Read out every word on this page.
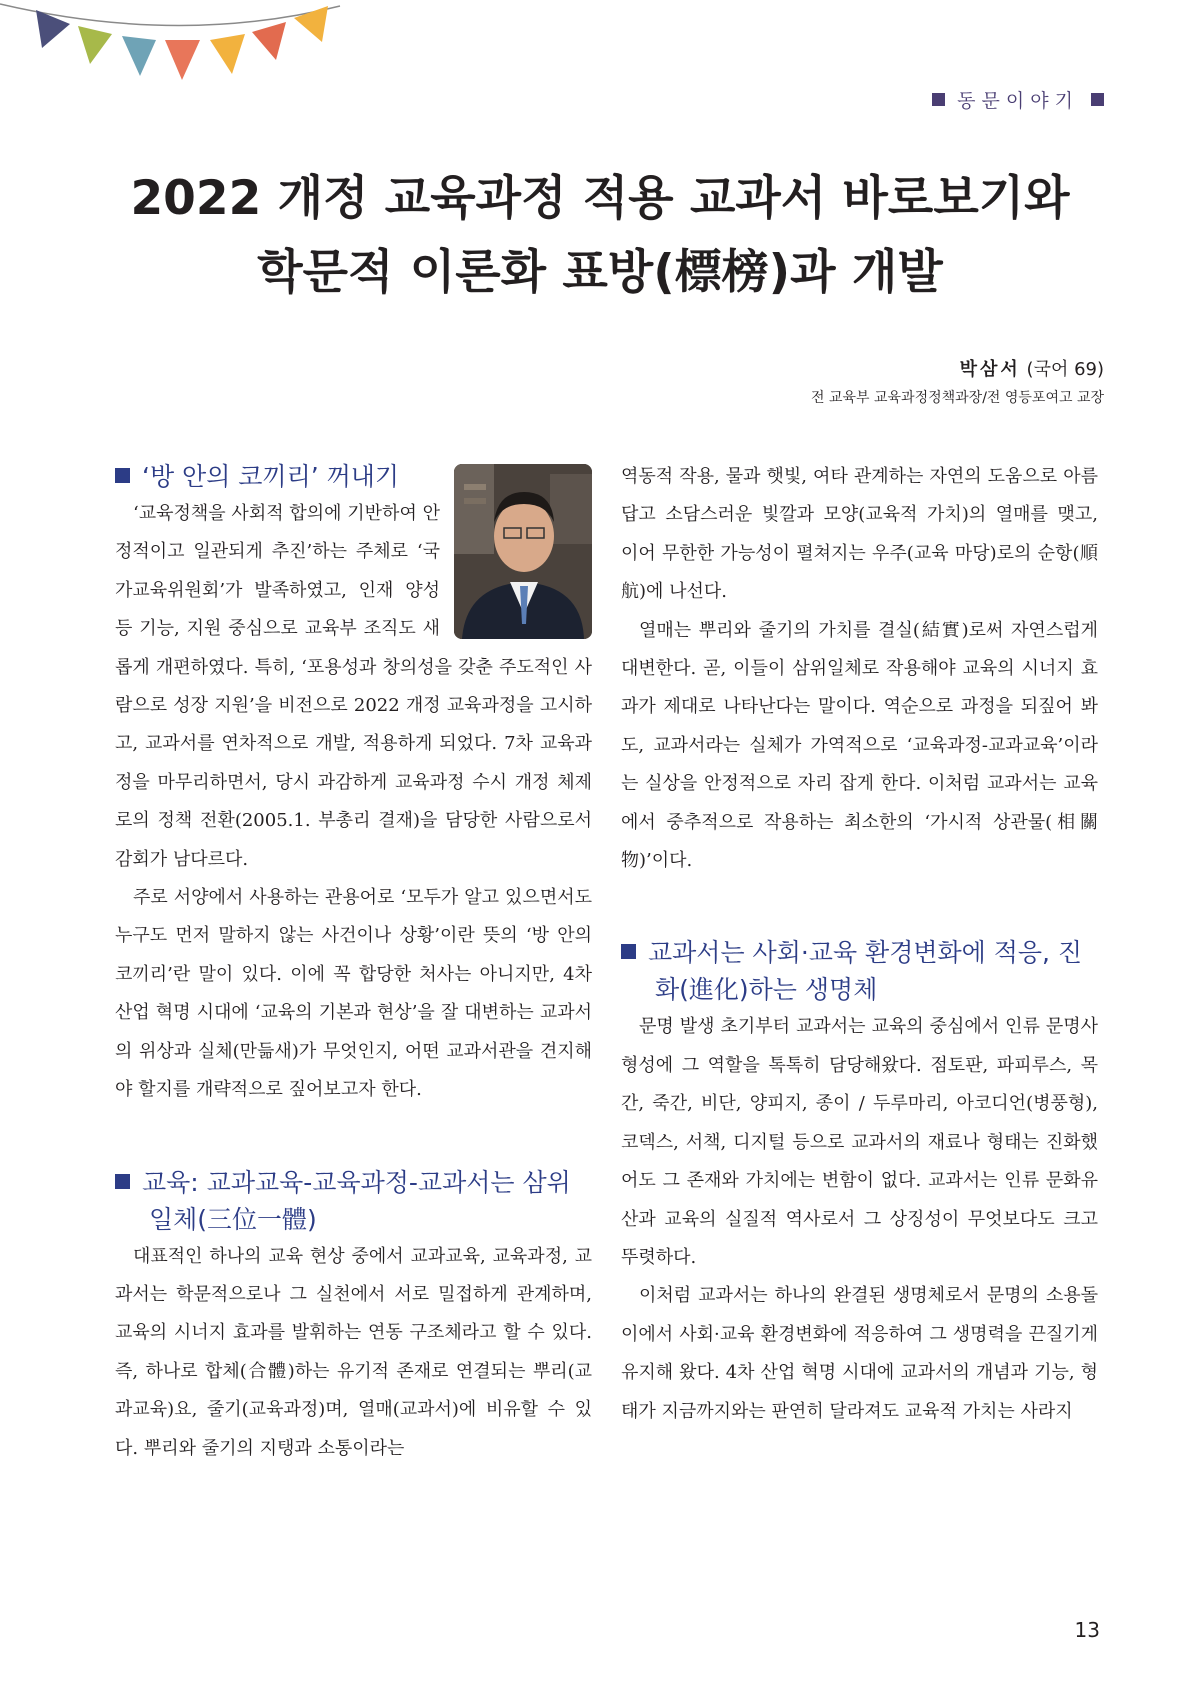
동문이야기
2022 개정 교육과정 적용 교과서 바로보기와
학문적 이론화 표방(標榜)과 개발
박삼서 (국어 69)
전 교육부 교육과정정책과장/전 영등포여고 교장
‘방 안의 코끼리’ 꺼내기

‘교육정책을 사회적 합의에 기반하여 안정적이고 일관되게 추진’하는 주체로 ‘국가교육위원회’가 발족하였고, 인재 양성 등 기능, 지원 중심으로 교육부 조직도 새롭게 개편하였다. 특히, ‘포용성과 창의성을 갖춘 주도적인 사람으로 성장 지원’을 비전으로 2022 개정 교육과정을 고시하고, 교과서를 연차적으로 개발, 적용하게 되었다. 7차 교육과정을 마무리하면서, 당시 과감하게 교육과정 수시 개정 체제로의 정책 전환(2005.1. 부총리 결재)을 담당한 사람으로서 감회가 남다르다.

주로 서양에서 사용하는 관용어로 ‘모두가 알고 있으면서도 누구도 먼저 말하지 않는 사건이나 상황’이란 뜻의 ‘방 안의 코끼리’란 말이 있다. 이에 꼭 합당한 처사는 아니지만, 4차 산업 혁명 시대에 ‘교육의 기본과 현상’을 잘 대변하는 교과서의 위상과 실체(만듦새)가 무엇인지, 어떤 교과서관을 견지해야 할지를 개략적으로 짚어보고자 한다.

교육: 교과교육-교육과정-교과서는 삼위일체(三位一體)

대표적인 하나의 교육 현상 중에서 교과교육, 교육과정, 교과서는 학문적으로나 그 실천에서 서로 밀접하게 관계하며, 교육의 시너지 효과를 발휘하는 연동 구조체라고 할 수 있다. 즉, 하나로 합체(合體)하는 유기적 존재로 연결되는 뿌리(교과교육)요, 줄기(교육과정)며, 열매(교과서)에 비유할 수 있다. 뿌리와 줄기의 지탱과 소통이라는

역동적 작용, 물과 햇빛, 여타 관계하는 자연의 도움으로 아름답고 소담스러운 빛깔과 모양(교육적 가치)의 열매를 맺고, 이어 무한한 가능성이 펼쳐지는 우주(교육 마당)로의 순항(順航)에 나선다.

열매는 뿌리와 줄기의 가치를 결실(結實)로써 자연스럽게 대변한다. 곧, 이들이 삼위일체로 작용해야 교육의 시너지 효과가 제대로 나타난다는 말이다. 역순으로 과정을 되짚어 봐도, 교과서라는 실체가 가역적으로 ‘교육과정-교과교육’이라는 실상을 안정적으로 자리 잡게 한다. 이처럼 교과서는 교육에서 중추적으로 작용하는 최소한의 ‘가시적 상관물(相關物)’이다.

교과서는 사회·교육 환경변화에 적응, 진화(進化)하는 생명체

문명 발생 초기부터 교과서는 교육의 중심에서 인류 문명사 형성에 그 역할을 톡톡히 담당해왔다. 점토판, 파피루스, 목간, 죽간, 비단, 양피지, 종이 / 두루마리, 아코디언(병풍형), 코덱스, 서책, 디지털 등으로 교과서의 재료나 형태는 진화했어도 그 존재와 가치에는 변함이 없다. 교과서는 인류 문화유산과 교육의 실질적 역사로서 그 상징성이 무엇보다도 크고 뚜렷하다.

이처럼 교과서는 하나의 완결된 생명체로서 문명의 소용돌이에서 사회·교육 환경변화에 적응하여 그 생명력을 끈질기게 유지해 왔다. 4차 산업 혁명 시대에 교과서의 개념과 기능, 형태가 지금까지와는 판연히 달라져도 교육적 가치는 사라지

13
